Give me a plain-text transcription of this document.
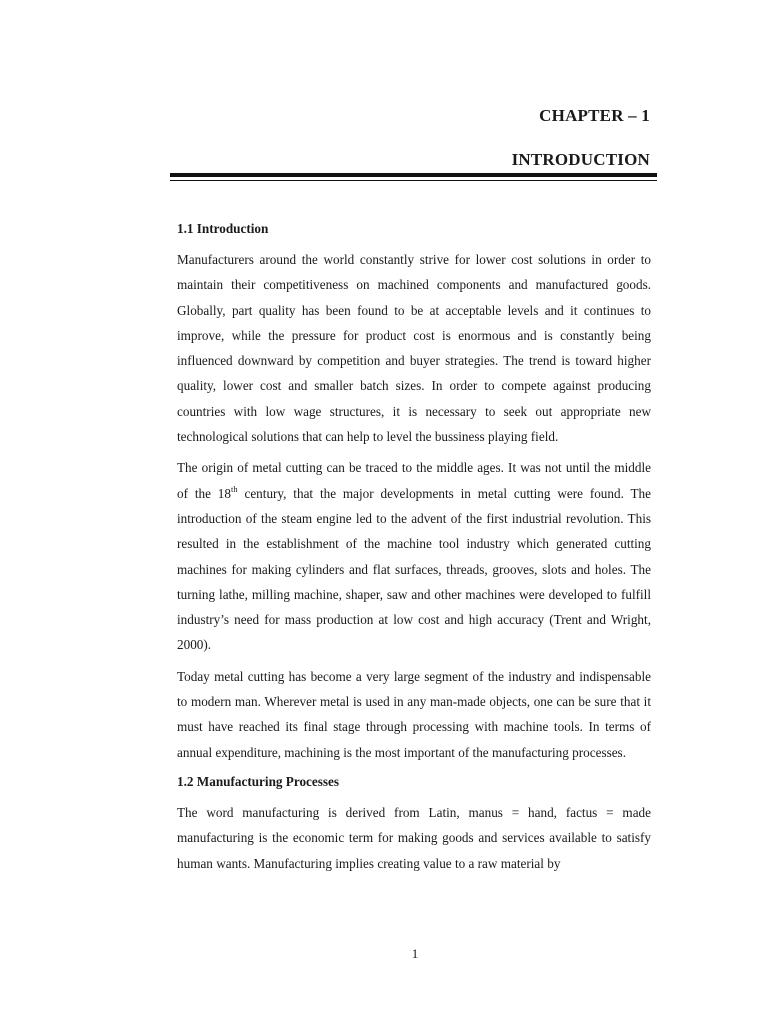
CHAPTER – 1
INTRODUCTION
1.1 Introduction

Manufacturers around the world constantly strive for lower cost solutions in order to maintain their competitiveness on machined components and manufactured goods. Globally, part quality has been found to be at acceptable levels and it continues to improve, while the pressure for product cost is enormous and is constantly being influenced downward by competition and buyer strategies. The trend is toward higher quality, lower cost and smaller batch sizes. In order to compete against producing countries with low wage structures, it is necessary to seek out appropriate new technological solutions that can help to level the bussiness playing field.

The origin of metal cutting can be traced to the middle ages. It was not until the middle of the 18th century, that the major developments in metal cutting were found. The introduction of the steam engine led to the advent of the first industrial revolution. This resulted in the establishment of the machine tool industry which generated cutting machines for making cylinders and flat surfaces, threads, grooves, slots and holes. The turning lathe, milling machine, shaper, saw and other machines were developed to fulfill industry’s need for mass production at low cost and high accuracy (Trent and Wright, 2000).

Today metal cutting has become a very large segment of the industry and indispensable to modern man. Wherever metal is used in any man-made objects, one can be sure that it must have reached its final stage through processing with machine tools. In terms of annual expenditure, machining is the most important of the manufacturing processes.

1.2 Manufacturing Processes

The word manufacturing is derived from Latin, manus = hand, factus = made manufacturing is the economic term for making goods and services available to satisfy human wants. Manufacturing implies creating value to a raw material by

1
